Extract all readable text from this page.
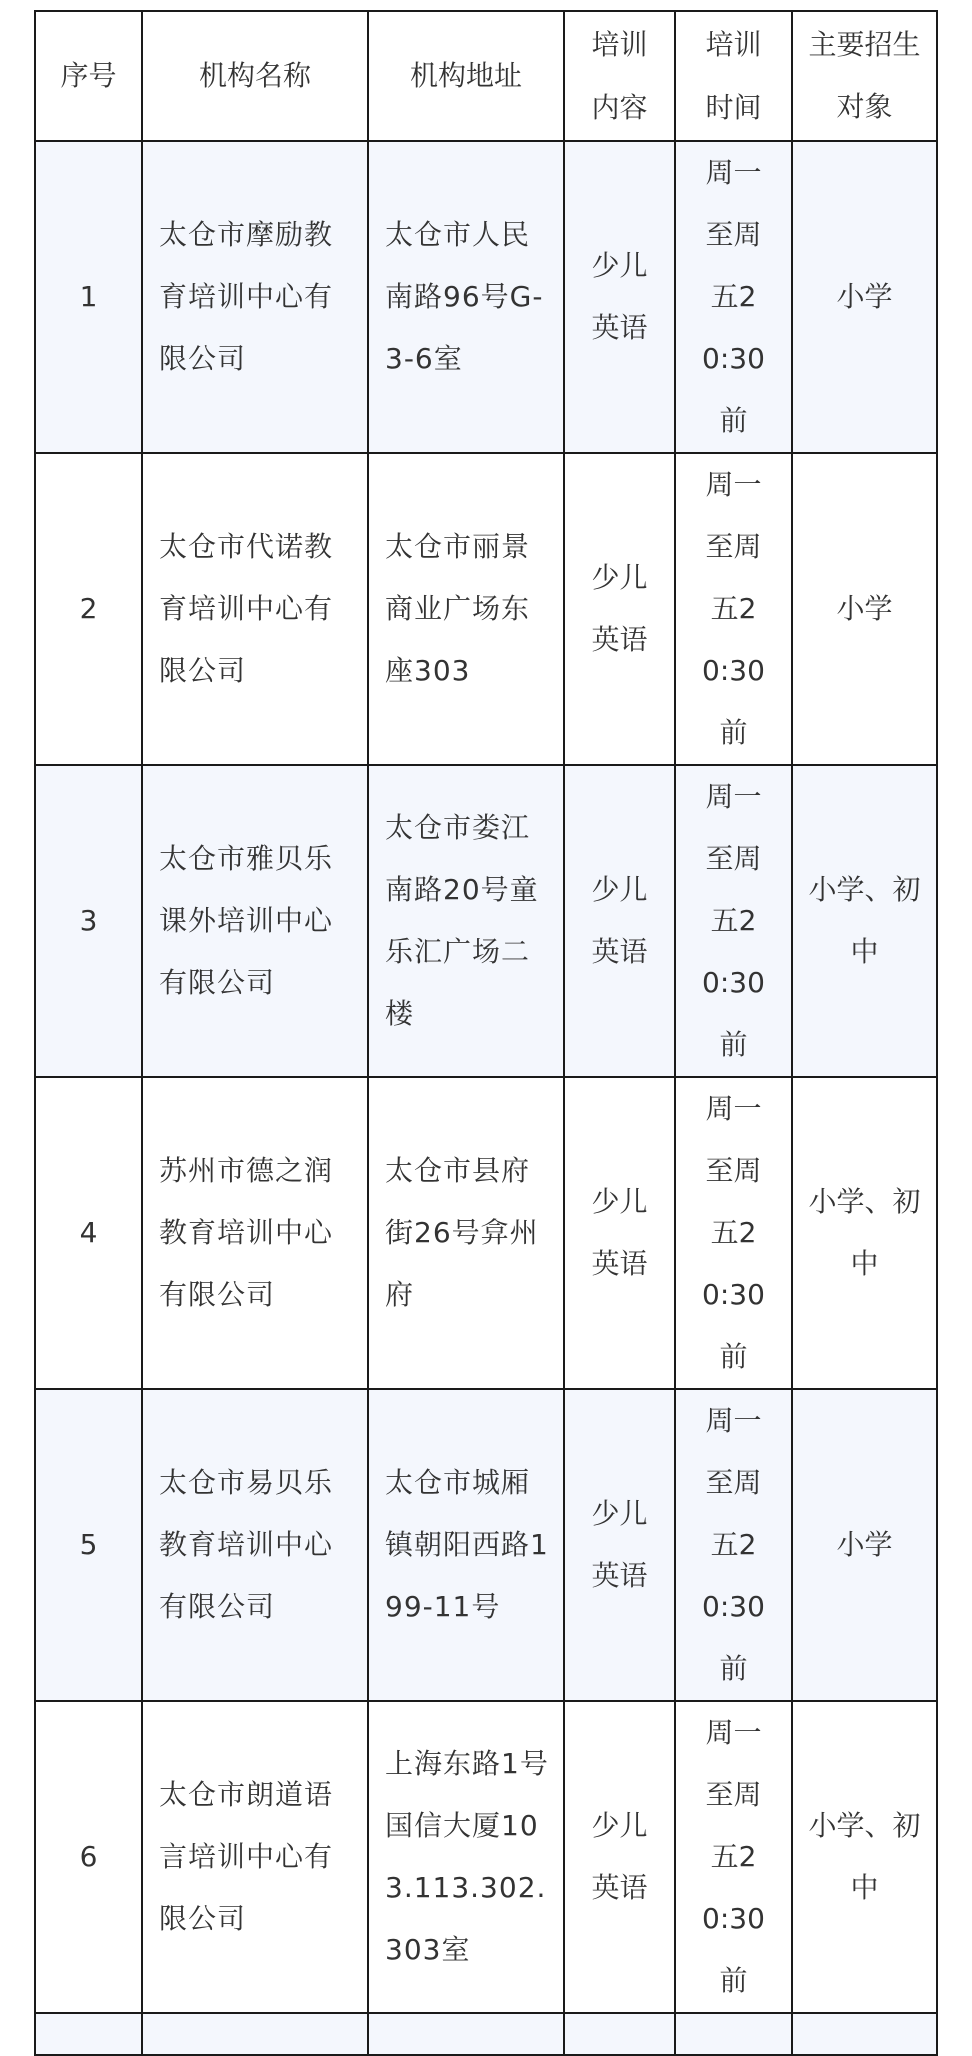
序号	机构名称	机构地址	培训内容	培训时间	主要招生对象
1	太仓市摩励教育培训中心有限公司	太仓市人民南路96号G-3-6室	少儿英语	周一至周五20:30前	小学
2	太仓市代诺教育培训中心有限公司	太仓市丽景商业广场东座303	少儿英语	周一至周五20:30前	小学
3	太仓市雅贝乐课外培训中心有限公司	太仓市娄江南路20号童乐汇广场二楼	少儿英语	周一至周五20:30前	小学、初中
4	苏州市德之润教育培训中心有限公司	太仓市县府街26号弇州府	少儿英语	周一至周五20:30前	小学、初中
5	太仓市易贝乐教育培训中心有限公司	太仓市城厢镇朝阳西路199-11号	少儿英语	周一至周五20:30前	小学
6	太仓市朗道语言培训中心有限公司	上海东路1号国信大厦103.113.302.303室	少儿英语	周一至周五20:30前	小学、初中
